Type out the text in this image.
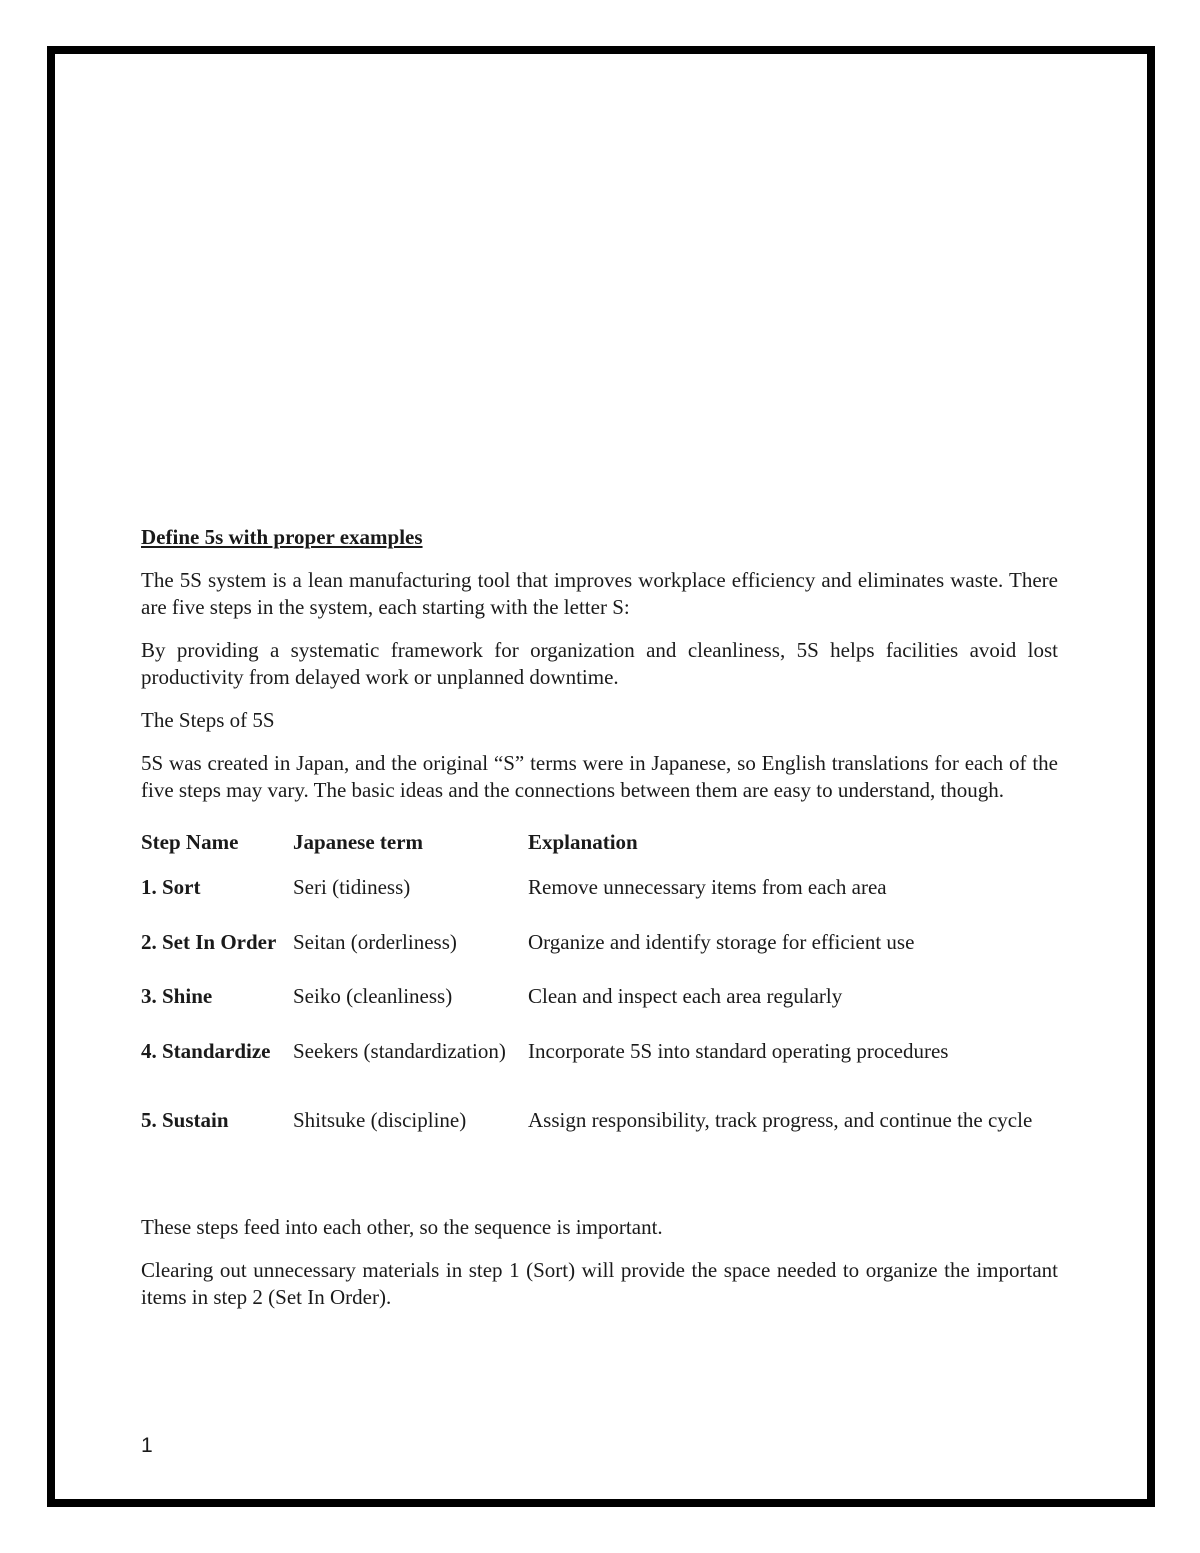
Define 5s with proper examples

The 5S system is a lean manufacturing tool that improves workplace efficiency and eliminates waste. There are five steps in the system, each starting with the letter S:

By providing a systematic framework for organization and cleanliness, 5S helps facilities avoid lost productivity from delayed work or unplanned downtime.

The Steps of 5S

5S was created in Japan, and the original “S” terms were in Japanese, so English translations for each of the five steps may vary. The basic ideas and the connections between them are easy to understand, though.

Step Name	Japanese term	Explanation
1. Sort	Seri (tidiness)	Remove unnecessary items from each area
2. Set In Order	Seitan (orderliness)	Organize and identify storage for efficient use
3. Shine	Seiko (cleanliness)	Clean and inspect each area regularly
4. Standardize	Seekers (standardization)	Incorporate 5S into standard operating procedures
5. Sustain	Shitsuke (discipline)	Assign responsibility, track progress, and continue the cycle

These steps feed into each other, so the sequence is important.

Clearing out unnecessary materials in step 1 (Sort) will provide the space needed to organize the important items in step 2 (Set In Order).

1
